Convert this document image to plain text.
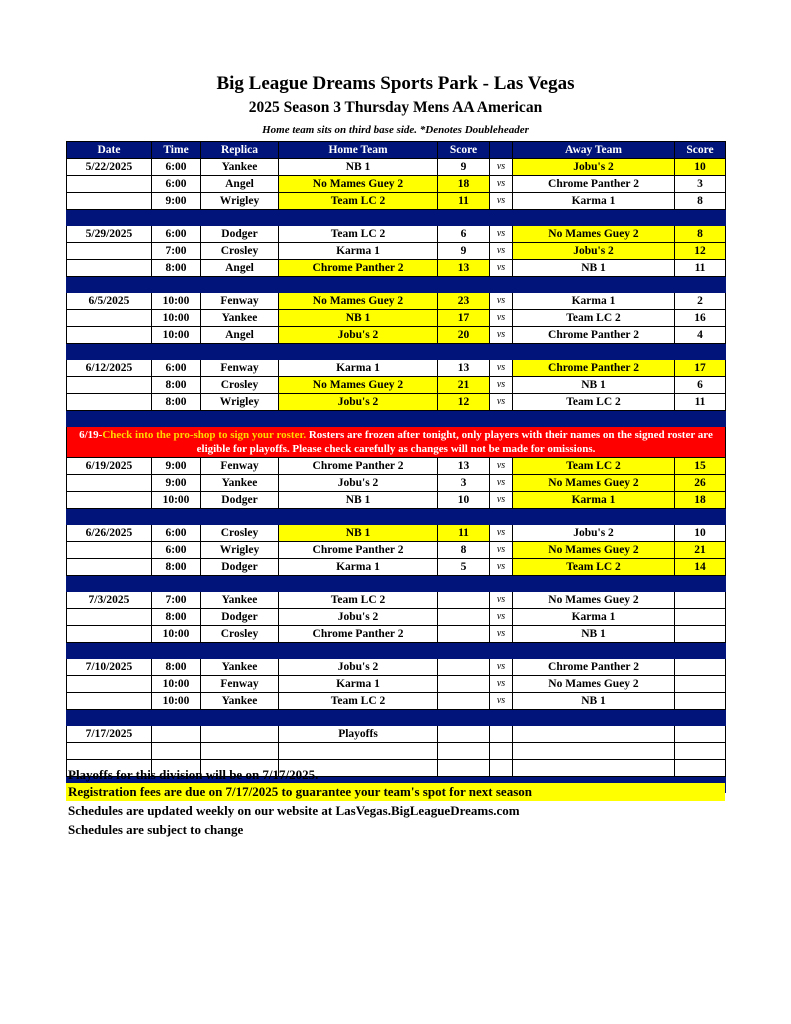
Big League Dreams Sports Park - Las Vegas
2025 Season 3 Thursday Mens AA American
Home team sits on third base side. *Denotes Doubleheader
Date	Time	Replica	Home Team	Score		Away Team	Score
5/22/2025	6:00	Yankee	NB 1	9	vs	Jobu's 2	10
	6:00	Angel	No Mames Guey 2	18	vs	Chrome Panther 2	3
	9:00	Wrigley	Team LC 2	11	vs	Karma 1	8

5/29/2025	6:00	Dodger	Team LC 2	6	vs	No Mames Guey 2	8
	7:00	Crosley	Karma 1	9	vs	Jobu's 2	12
	8:00	Angel	Chrome Panther 2	13	vs	NB 1	11

6/5/2025	10:00	Fenway	No Mames Guey 2	23	vs	Karma 1	2
	10:00	Yankee	NB 1	17	vs	Team LC 2	16
	10:00	Angel	Jobu's 2	20	vs	Chrome Panther 2	4

6/12/2025	6:00	Fenway	Karma 1	13	vs	Chrome Panther 2	17
	8:00	Crosley	No Mames Guey 2	21	vs	NB 1	6
	8:00	Wrigley	Jobu's 2	12	vs	Team LC 2	11

6/19-Check into the pro-shop to sign your roster. Rosters are frozen after tonight, only players with their names on the signed roster are eligible for playoffs. Please check carefully as changes will not be made for omissions.							
6/19/2025	9:00	Fenway	Chrome Panther 2	13	vs	Team LC 2	15
	9:00	Yankee	Jobu's 2	3	vs	No Mames Guey 2	26
	10:00	Dodger	NB 1	10	vs	Karma 1	18

6/26/2025	6:00	Crosley	NB 1	11	vs	Jobu's 2	10
	6:00	Wrigley	Chrome Panther 2	8	vs	No Mames Guey 2	21
	8:00	Dodger	Karma 1	5	vs	Team LC 2	14

7/3/2025	7:00	Yankee	Team LC 2		vs	No Mames Guey 2	
	8:00	Dodger	Jobu's 2		vs	Karma 1	
	10:00	Crosley	Chrome Panther 2		vs	NB 1	

7/10/2025	8:00	Yankee	Jobu's 2		vs	Chrome Panther 2	
	10:00	Fenway	Karma 1		vs	No Mames Guey 2	
	10:00	Yankee	Team LC 2		vs	NB 1	

7/17/2025			Playoffs				

Playoffs for this division will be on 7/17/2025.
Registration fees are due on 7/17/2025 to guarantee your team's spot for next season
Schedules are updated weekly on our website at LasVegas.BigLeagueDreams.com
Schedules are subject to change
